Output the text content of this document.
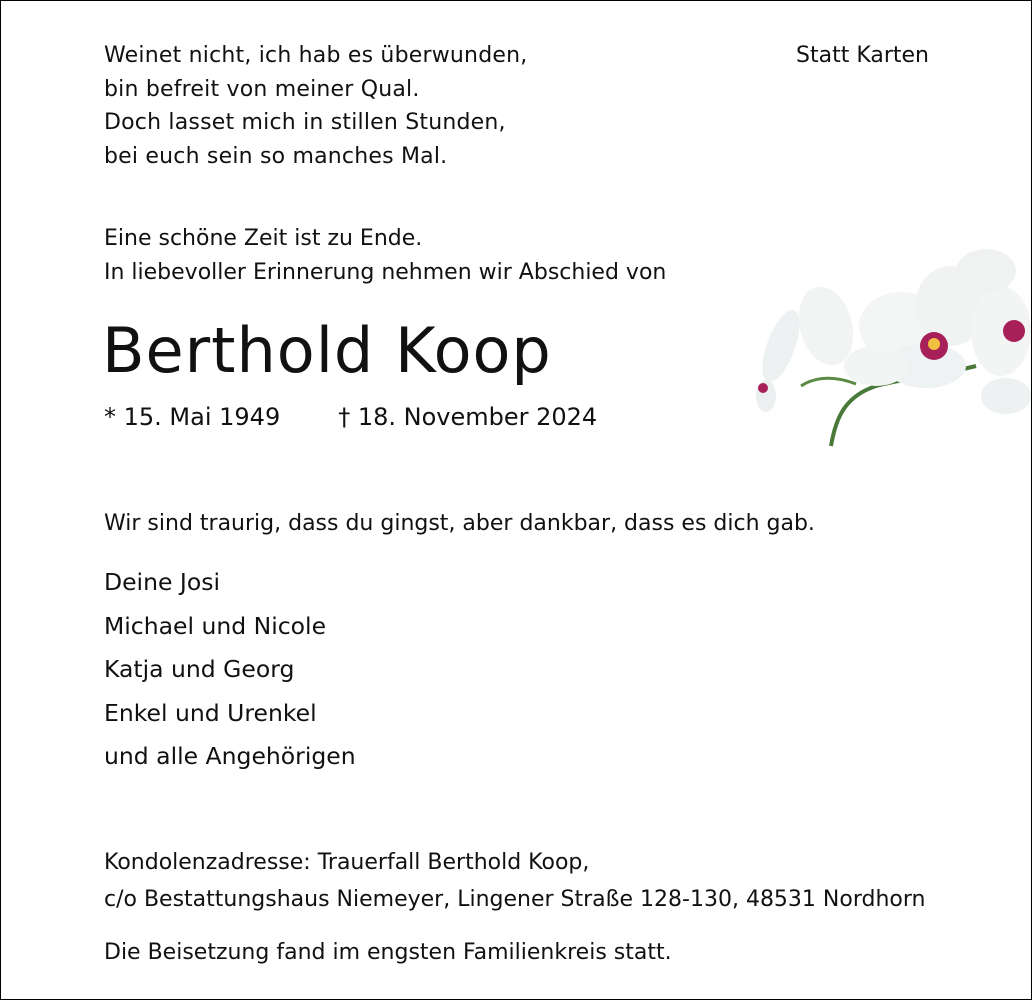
Weinet nicht, ich hab es überwunden,
bin befreit von meiner Qual.
Doch lasset mich in stillen Stunden,
bei euch sein so manches Mal.
Statt Karten
Eine schöne Zeit ist zu Ende.
In liebevoller Erinnerung nehmen wir Abschied von
Berthold Koop
* 15. Mai 1949 † 18. November 2024
Wir sind traurig, dass du gingst, aber dankbar, dass es dich gab.
Deine Josi
Michael und Nicole
Katja und Georg
Enkel und Urenkel
und alle Angehörigen
Kondolenzadresse: Trauerfall Berthold Koop,
c/o Bestattungshaus Niemeyer, Lingener Straße 128-130, 48531 Nordhorn
Die Beisetzung fand im engsten Familienkreis statt.
